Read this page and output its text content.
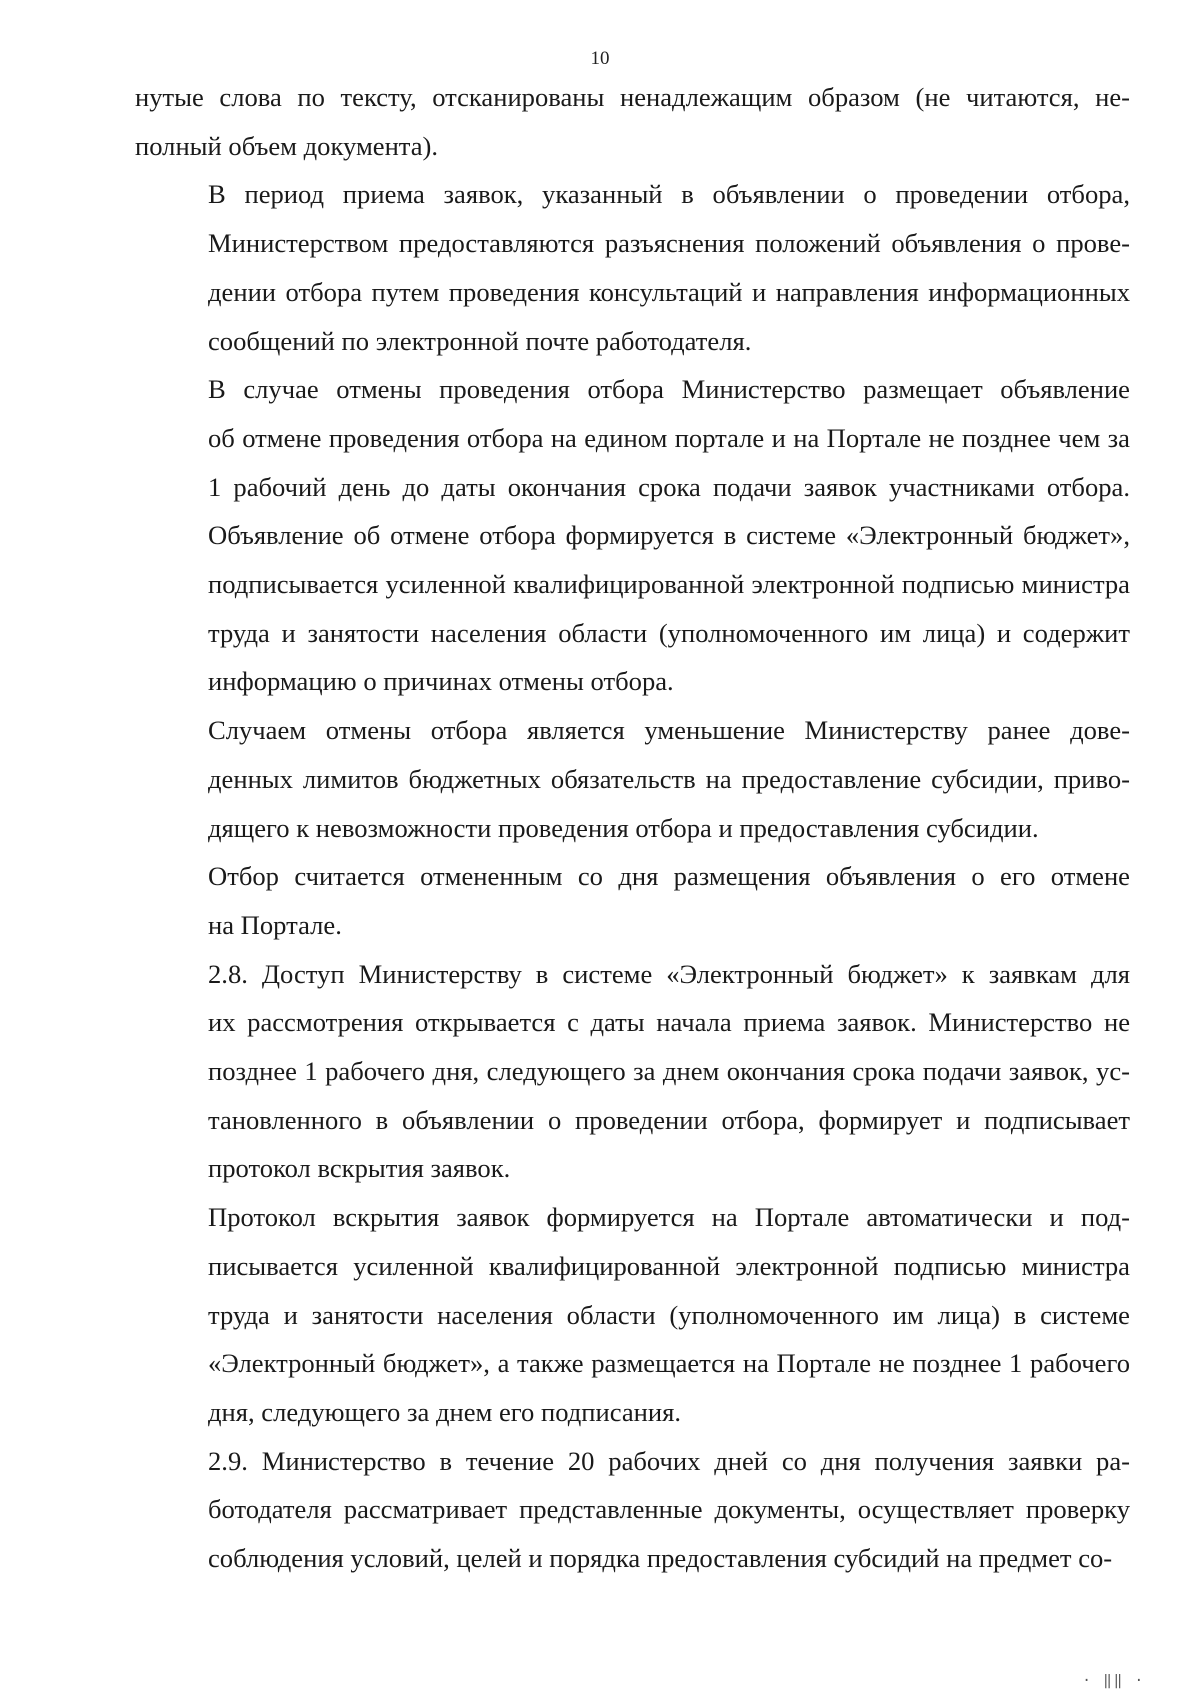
10

нутые слова по тексту, отсканированы ненадлежащим образом (не читаются, не-
полный объем документа).

В период приема заявок, указанный в объявлении о проведении отбора,
Министерством предоставляются разъяснения положений объявления о прове-
дении отбора путем проведения консультаций и направления информационных
сообщений по электронной почте работодателя.

В случае отмены проведения отбора Министерство размещает объявление
об отмене проведения отбора на едином портале и на Портале не позднее чем за
1 рабочий день до даты окончания срока подачи заявок участниками отбора.
Объявление об отмене отбора формируется в системе «Электронный бюджет»,
подписывается усиленной квалифицированной электронной подписью министра
труда и занятости населения области (уполномоченного им лица) и содержит
информацию о причинах отмены отбора.

Случаем отмены отбора является уменьшение Министерству ранее дове-
денных лимитов бюджетных обязательств на предоставление субсидии, приво-
дящего к невозможности проведения отбора и предоставления субсидии.

Отбор считается отмененным со дня размещения объявления о его отмене
на Портале.

2.8. Доступ Министерству в системе «Электронный бюджет» к заявкам для
их рассмотрения открывается с даты начала приема заявок. Министерство не
позднее 1 рабочего дня, следующего за днем окончания срока подачи заявок, ус-
тановленного в объявлении о проведении отбора, формирует и подписывает
протокол вскрытия заявок.

Протокол вскрытия заявок формируется на Портале автоматически и под-
писывается усиленной квалифицированной электронной подписью министра
труда и занятости населения области (уполномоченного им лица) в системе
«Электронный бюджет», а также размещается на Портале не позднее 1 рабочего
дня, следующего за днем его подписания.

2.9. Министерство в течение 20 рабочих дней со дня получения заявки ра-
ботодателя рассматривает представленные документы, осуществляет проверку
соблюдения условий, целей и порядка предоставления субсидий на предмет со-

· ‖‖ ·
